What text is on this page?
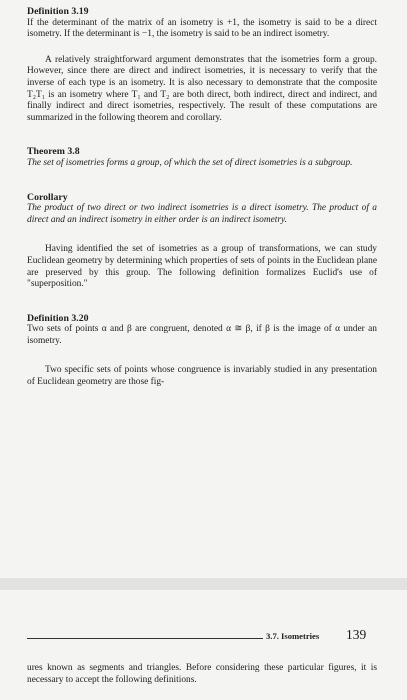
Definition 3.19

If the determinant of the matrix of an isometry is +1, the isometry is said to be a direct isometry. If the determinant is −1, the isometry is said to be an indirect isometry.

A relatively straightforward argument demonstrates that the isometries form a group. However, since there are direct and indirect isometries, it is necessary to verify that the inverse of each type is an isometry. It is also necessary to demonstrate that the composite T₂T₁ is an isometry where T₁ and T₂ are both direct, both indirect, direct and indirect, and finally indirect and direct isometries, respectively. The result of these computations are summarized in the following theorem and corollary.

Theorem 3.8

The set of isometries forms a group, of which the set of direct isometries is a subgroup.

Corollary

The product of two direct or two indirect isometries is a direct isometry. The product of a direct and an indirect isometry in either order is an indirect isometry.

Having identified the set of isometries as a group of transformations, we can study Euclidean geometry by determining which properties of sets of points in the Euclidean plane are preserved by this group. The following definition formalizes Euclid's use of "superposition."

Definition 3.20

Two sets of points α and β are congruent, denoted α ≅ β, if β is the image of α under an isometry.

Two specific sets of points whose congruence is invariably studied in any presentation of Euclidean geometry are those fig-

3.7. Isometries 139

ures known as segments and triangles. Before considering these particular figures, it is necessary to accept the following definitions.
